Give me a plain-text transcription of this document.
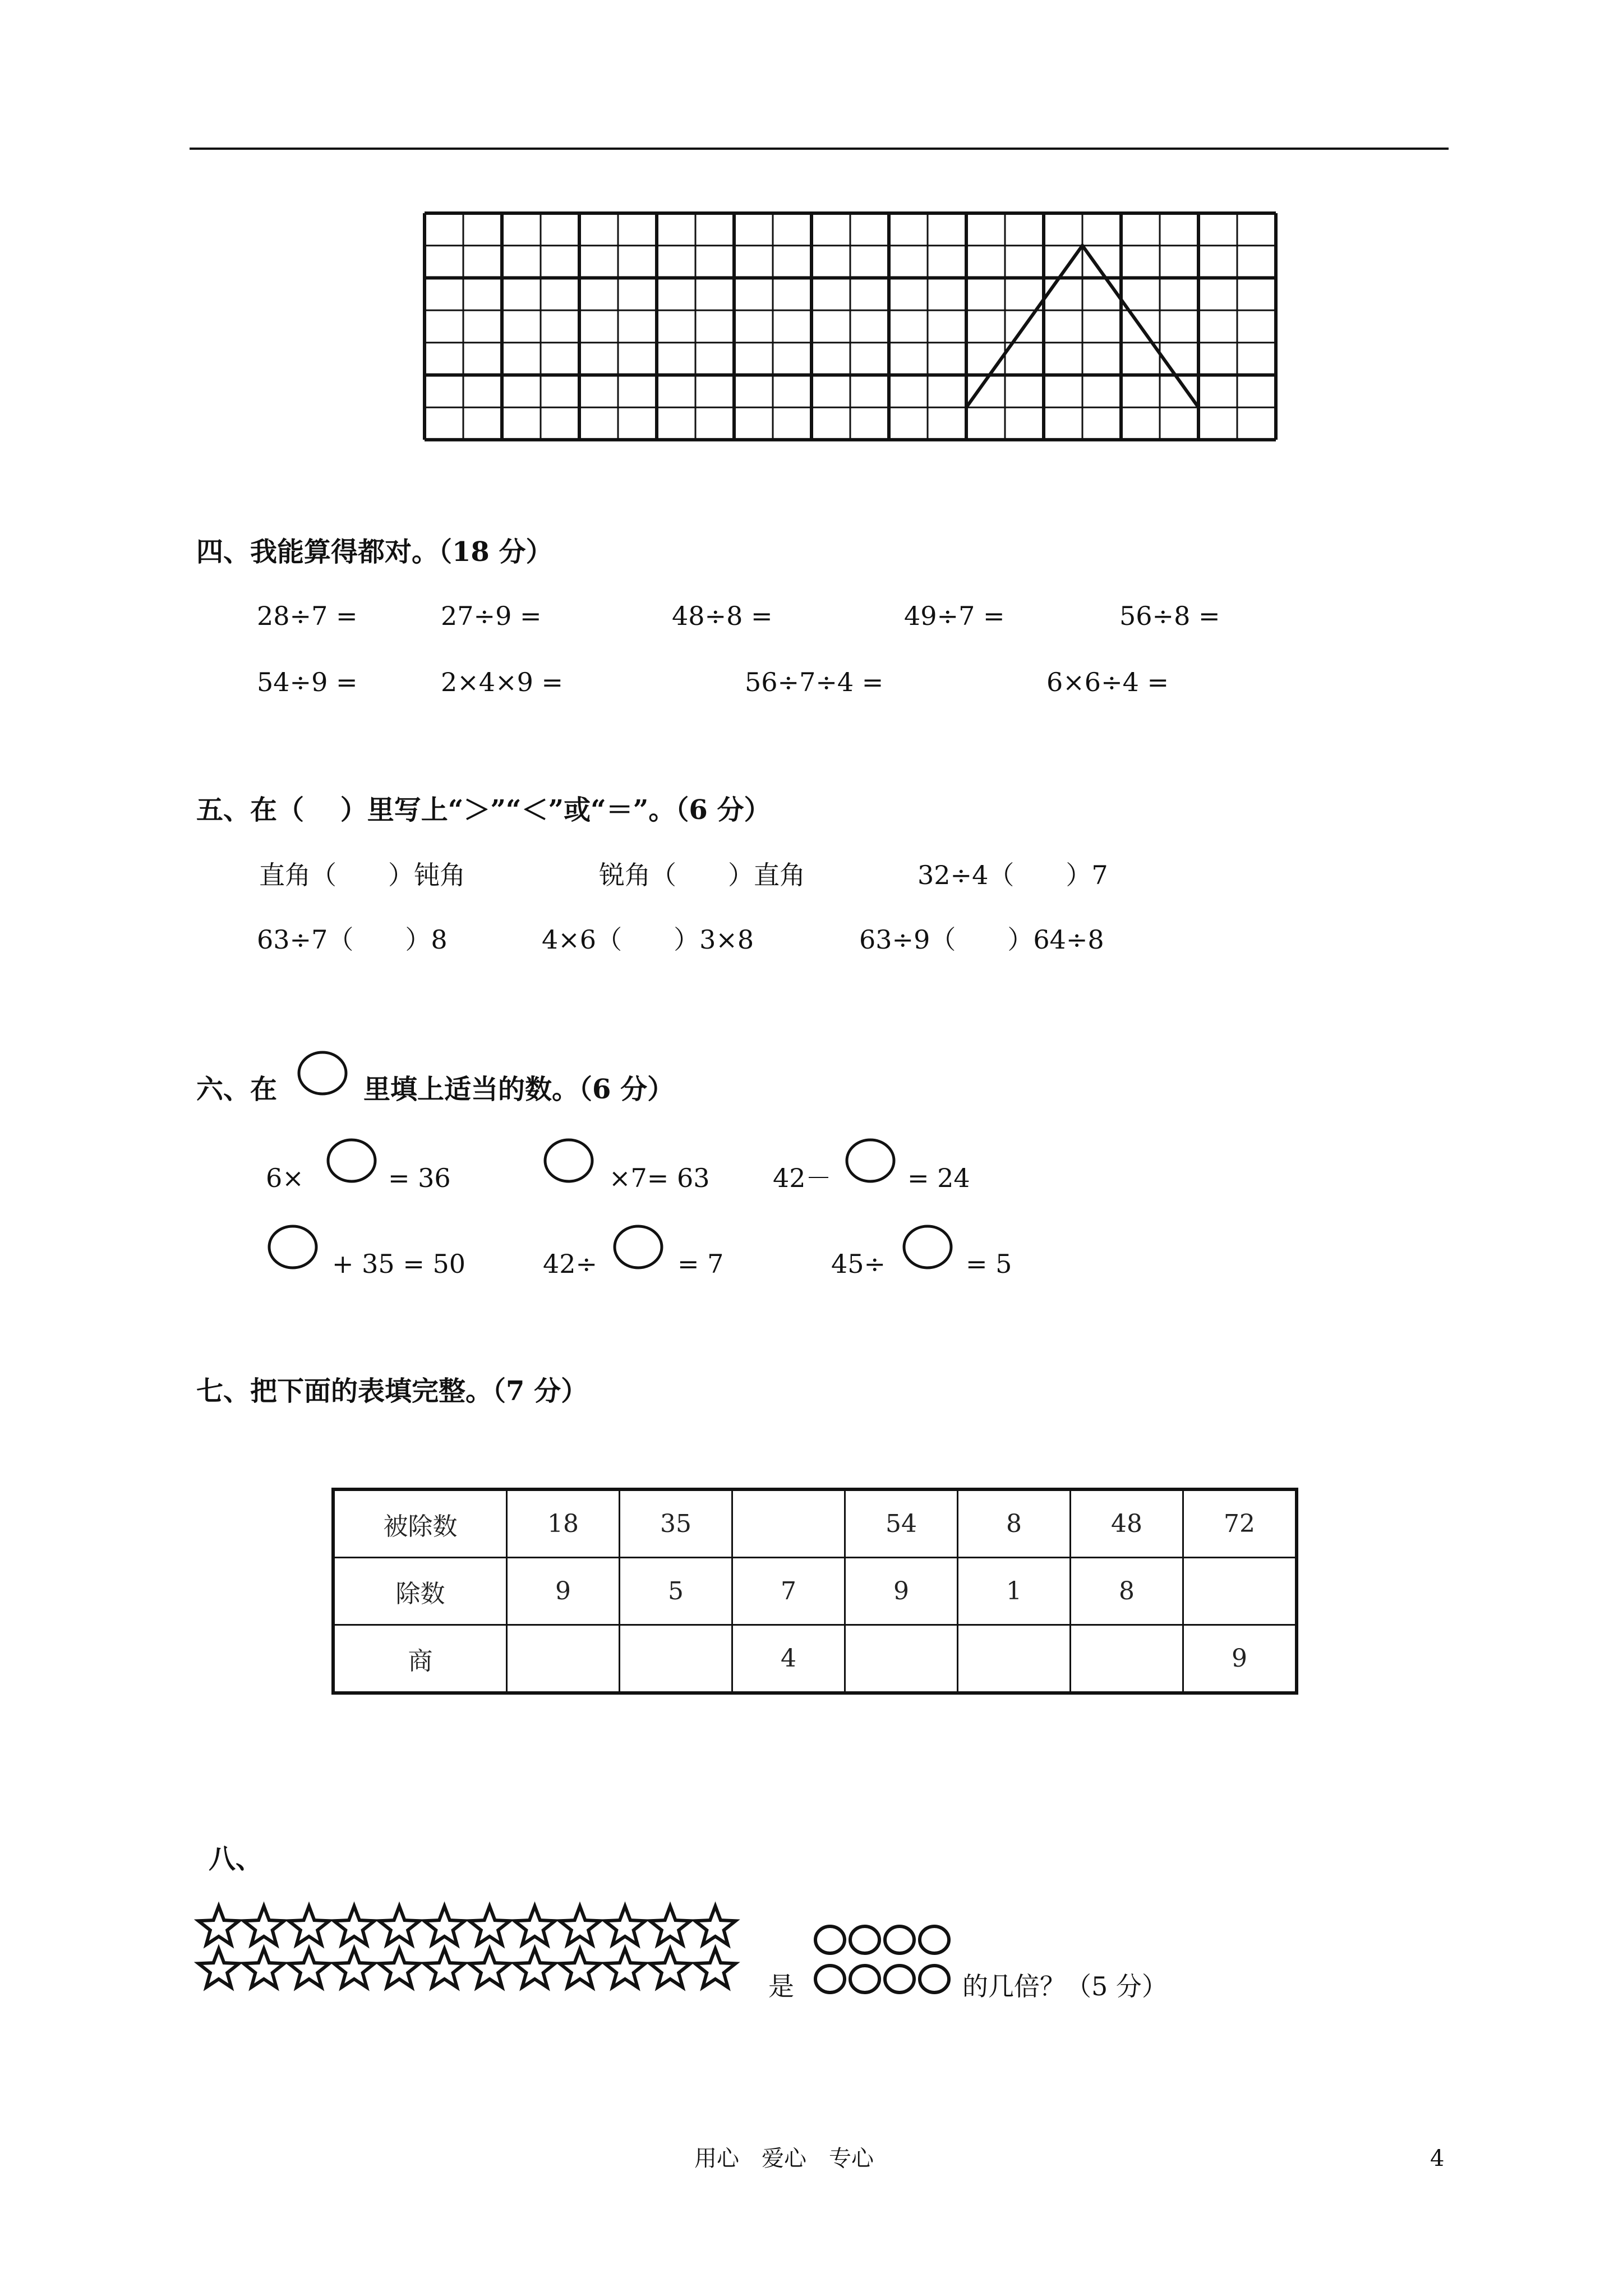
四、我能算得都对。（18 分）
28÷7 =	27÷9 =	48÷8 =	49÷7 =	56÷8 =
54÷9 =	2×4×9 =	56÷7÷4 =	6×6÷4 =
五、在（　 ）里写上“＞”“＜”或“＝”。（6 分）
直角（　　）钝角	锐角（　　）直角	32÷4（　　）7
63÷7（　　）8	4×6（　　）3×8	63÷9（　　）64÷8
六、在	里填上适当的数。（6 分）
6×	= 36	×7= 63 42－	= 24
+ 35 = 50	42÷	= 7	45÷	= 5
七、把下面的表填完整。（7 分）
被除数	18	35		54	8	48	72
除数	9	5	7	9	1	8	
商			4				9
八、
是	的几倍？（5 分）
用心　爱心　专心	4
